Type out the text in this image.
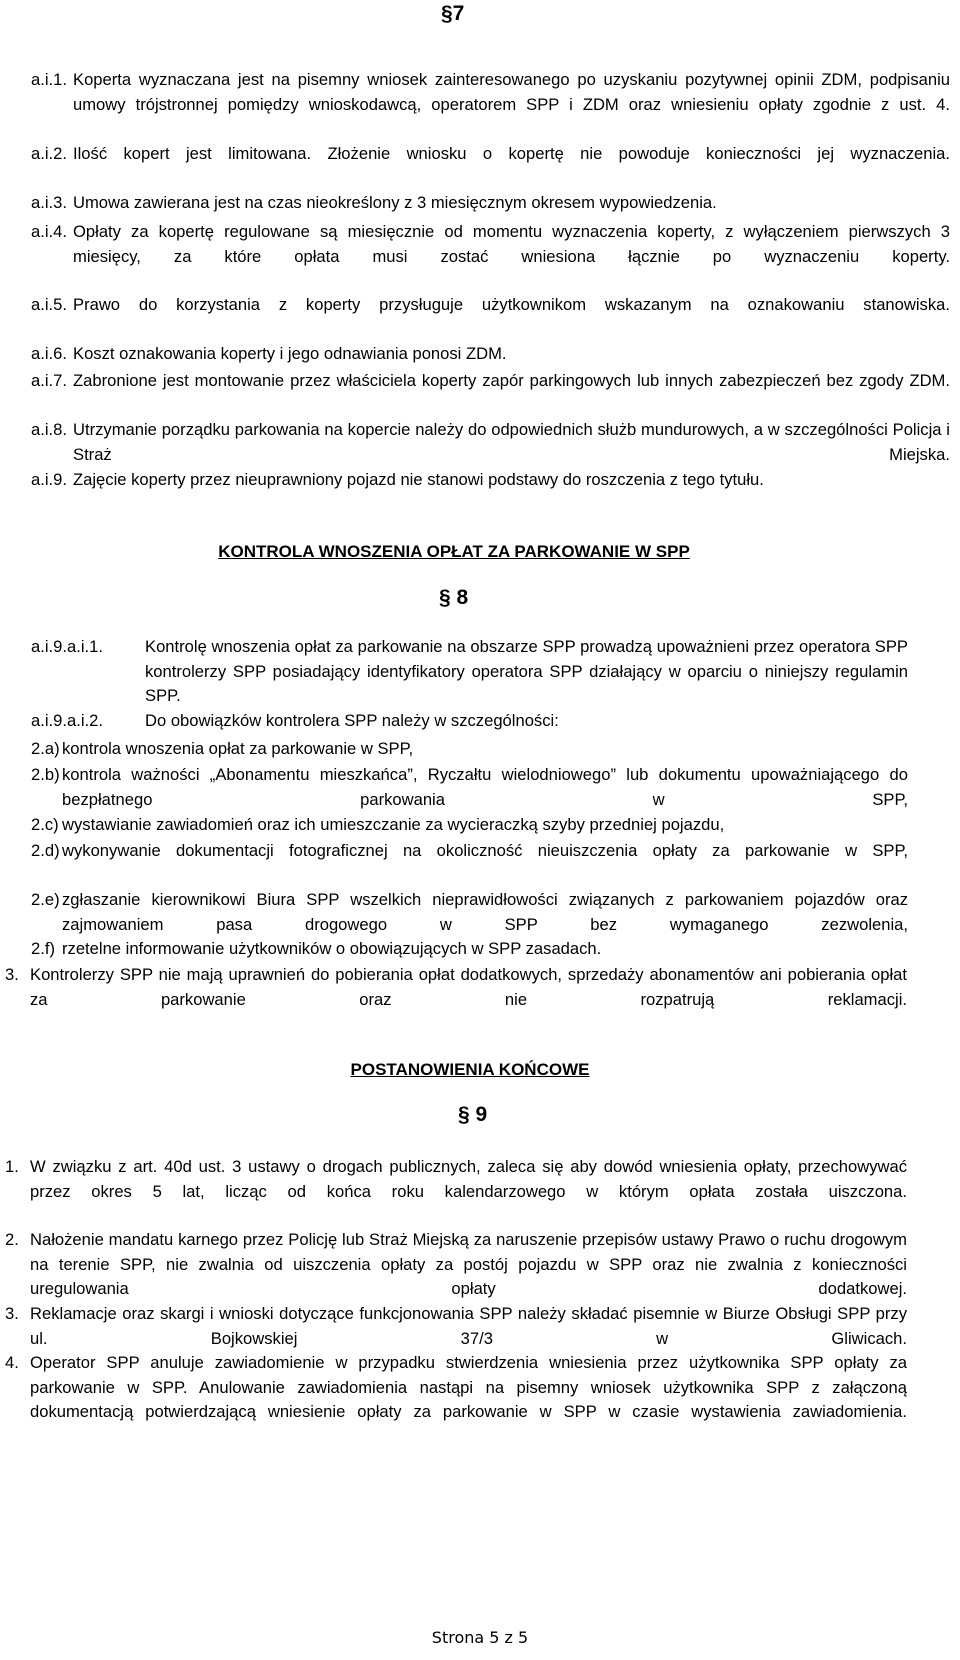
§7
a.i.1. Koperta wyznaczana jest na pisemny wniosek zainteresowanego po uzyskaniu pozytywnej opinii ZDM, podpisaniu umowy trójstronnej pomiędzy wnioskodawcą, operatorem SPP i ZDM oraz wniesieniu opłaty zgodnie z ust. 4.
a.i.2. Ilość kopert jest limitowana. Złożenie wniosku o kopertę nie powoduje konieczności jej wyznaczenia.
a.i.3. Umowa zawierana jest na czas nieokreślony z 3 miesięcznym okresem wypowiedzenia.
a.i.4. Opłaty za kopertę regulowane są miesięcznie od momentu wyznaczenia koperty, z wyłączeniem pierwszych 3 miesięcy, za które opłata musi zostać wniesiona łącznie po wyznaczeniu koperty.
a.i.5. Prawo do korzystania z koperty przysługuje użytkownikom wskazanym na oznakowaniu stanowiska.
a.i.6. Koszt oznakowania koperty i jego odnawiania ponosi ZDM.
a.i.7. Zabronione jest montowanie przez właściciela koperty zapór parkingowych lub innych zabezpieczeń bez zgody ZDM.
a.i.8. Utrzymanie porządku parkowania na kopercie należy do odpowiednich służb mundurowych, a w szczególności Policja i Straż Miejska.
a.i.9. Zajęcie koperty przez nieuprawniony pojazd nie stanowi podstawy do roszczenia z tego tytułu.
KONTROLA WNOSZENIA OPŁAT ZA PARKOWANIE W SPP
§ 8
a.i.9.a.i.1.	Kontrolę wnoszenia opłat za parkowanie na obszarze SPP prowadzą upoważnieni przez operatora SPP kontrolerzy SPP posiadający identyfikatory operatora SPP działający w oparciu o niniejszy regulamin SPP.
a.i.9.a.i.2.	Do obowiązków kontrolera SPP należy w szczególności:
2.a) kontrola wnoszenia opłat za parkowanie w SPP,
2.b) kontrola ważności „Abonamentu mieszkańca”, Ryczałtu wielodniowego” lub dokumentu upoważniającego do bezpłatnego parkowania w SPP,
2.c) wystawianie zawiadomień oraz ich umieszczanie za wycieraczką szyby przedniej pojazdu,
2.d) wykonywanie dokumentacji fotograficznej na okoliczność nieuiszczenia opłaty za parkowanie w SPP,
2.e) zgłaszanie kierownikowi Biura SPP wszelkich nieprawidłowości związanych z parkowaniem pojazdów oraz zajmowaniem pasa drogowego w SPP bez wymaganego zezwolenia,
2.f) rzetelne informowanie użytkowników o obowiązujących w SPP zasadach.
3. Kontrolerzy SPP nie mają uprawnień do pobierania opłat dodatkowych, sprzedaży abonamentów ani pobierania opłat za parkowanie oraz nie rozpatrują reklamacji.
POSTANOWIENIA KOŃCOWE
§ 9
1. W związku z art. 40d ust. 3 ustawy o drogach publicznych, zaleca się aby dowód wniesienia opłaty, przechowywać przez okres 5 lat, licząc od końca roku kalendarzowego w którym opłata została uiszczona.
2. Nałożenie mandatu karnego przez Policję lub Straż Miejską za naruszenie przepisów ustawy Prawo o ruchu drogowym na terenie SPP, nie zwalnia od uiszczenia opłaty za postój pojazdu w SPP oraz nie zwalnia z konieczności uregulowania opłaty dodatkowej.
3. Reklamacje oraz skargi i wnioski dotyczące funkcjonowania SPP należy składać pisemnie w Biurze Obsługi SPP przy ul. Bojkowskiej 37/3 w Gliwicach.
4. Operator SPP anuluje zawiadomienie w przypadku stwierdzenia wniesienia przez użytkownika SPP opłaty za parkowanie w SPP. Anulowanie zawiadomienia nastąpi na pisemny wniosek użytkownika SPP z załączoną dokumentacją potwierdzającą wniesienie opłaty za parkowanie w SPP w czasie wystawienia zawiadomienia.
Strona 5 z 5
